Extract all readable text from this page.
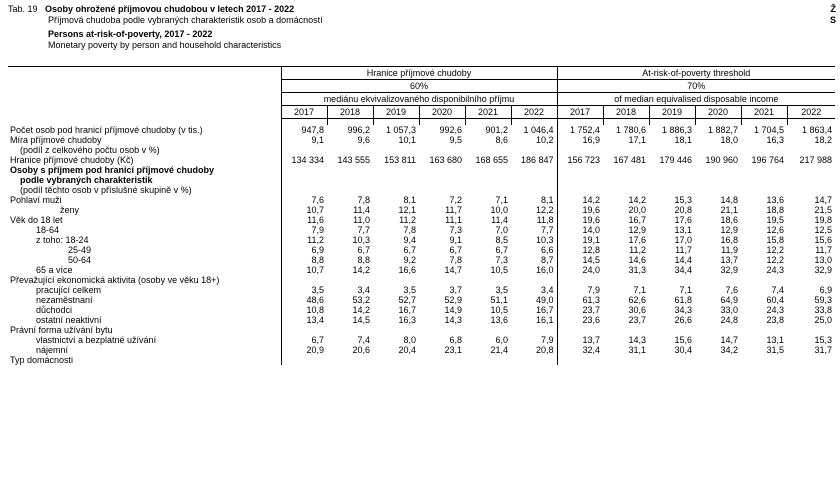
Tab. 19 Osoby ohrožené příjmovou chudobou v letech 2017 - 2022
Příjmová chudoba podle vybraných charakteristik osob a domácností
Persons at-risk-of-poverty, 2017 - 2022
Monetary poverty by person and household characteristics
Ž
S
	Hranice příjmové chudoby						At-risk-of-poverty threshold					
	60%						70%					
	mediánu ekvivalizovaného disponibilního příjmu						of median equivalised disposable income					
	2017	2018	2019	2020	2021	2022	2017	2018	2019	2020	2021	2022

Počet osob pod hranicí příjmové chudoby (v tis.)	947,8	996,2	1 057,3	992,6	901,2	1 046,4	1 752,4	1 780,6	1 886,3	1 882,7	1 704,5	1 863,4
Míra příjmové chudoby	9,1	9,6	10,1	9,5	8,6	10,2	16,9	17,1	18,1	18,0	16,3	18,2
(podíl z celkového počtu osob v %)												
Hranice příjmové chudoby (Kč)	134 334	143 555	153 811	163 680	168 655	186 847	156 723	167 481	179 446	190 960	196 764	217 988
Osoby s příjmem pod hranicí příjmové chudoby												
podle vybraných charakteristik												
(podíl těchto osob v příslušné skupině v %)												
Pohlaví muži	7,6	7,8	8,1	7,2	7,1	8,1	14,2	14,2	15,3	14,8	13,6	14,7
ženy	10,7	11,4	12,1	11,7	10,0	12,2	19,6	20,0	20,8	21,1	18,8	21,5
Věk do 18 let	11,6	11,0	11,2	11,1	11,4	11,8	19,6	16,7	17,6	18,6	19,5	19,8
18-64	7,9	7,7	7,8	7,3	7,0	7,7	14,0	12,9	13,1	12,9	12,6	12,5
z toho: 18-24	11,2	10,3	9,4	9,1	8,5	10,3	19,1	17,6	17,0	16,8	15,8	15,6
25-49	6,9	6,7	6,7	6,7	6,7	6,6	12,8	11,2	11,7	11,9	12,2	11,7
50-64	8,8	8,8	9,2	7,8	7,3	8,7	14,5	14,6	14,4	13,7	12,2	13,0
65 a více	10,7	14,2	16,6	14,7	10,5	16,0	24,0	31,3	34,4	32,9	24,3	32,9
Převažující ekonomická aktivita (osoby ve věku 18+)												
pracující celkem	3,5	3,4	3,5	3,7	3,5	3,4	7,9	7,1	7,1	7,6	7,4	6,9
nezaměstnaní	48,6	53,2	52,7	52,9	51,1	49,0	61,3	62,6	61,8	64,9	60,4	59,3
důchodci	10,8	14,2	16,7	14,9	10,5	16,7	23,7	30,6	34,3	33,0	24,3	33,8
ostatní neaktivní	13,4	14,5	16,3	14,3	13,6	16,1	23,6	23,7	26,6	24,8	23,8	25,0
Právní forma užívání bytu												
vlastnictví a bezplatné užívání	6,7	7,4	8,0	6,8	6,0	7,9	13,7	14,3	15,6	14,7	13,1	15,3
nájemní	20,9	20,6	20,4	23,1	21,4	20,8	32,4	31,1	30,4	34,2	31,5	31,7
Typ domácnosti												
